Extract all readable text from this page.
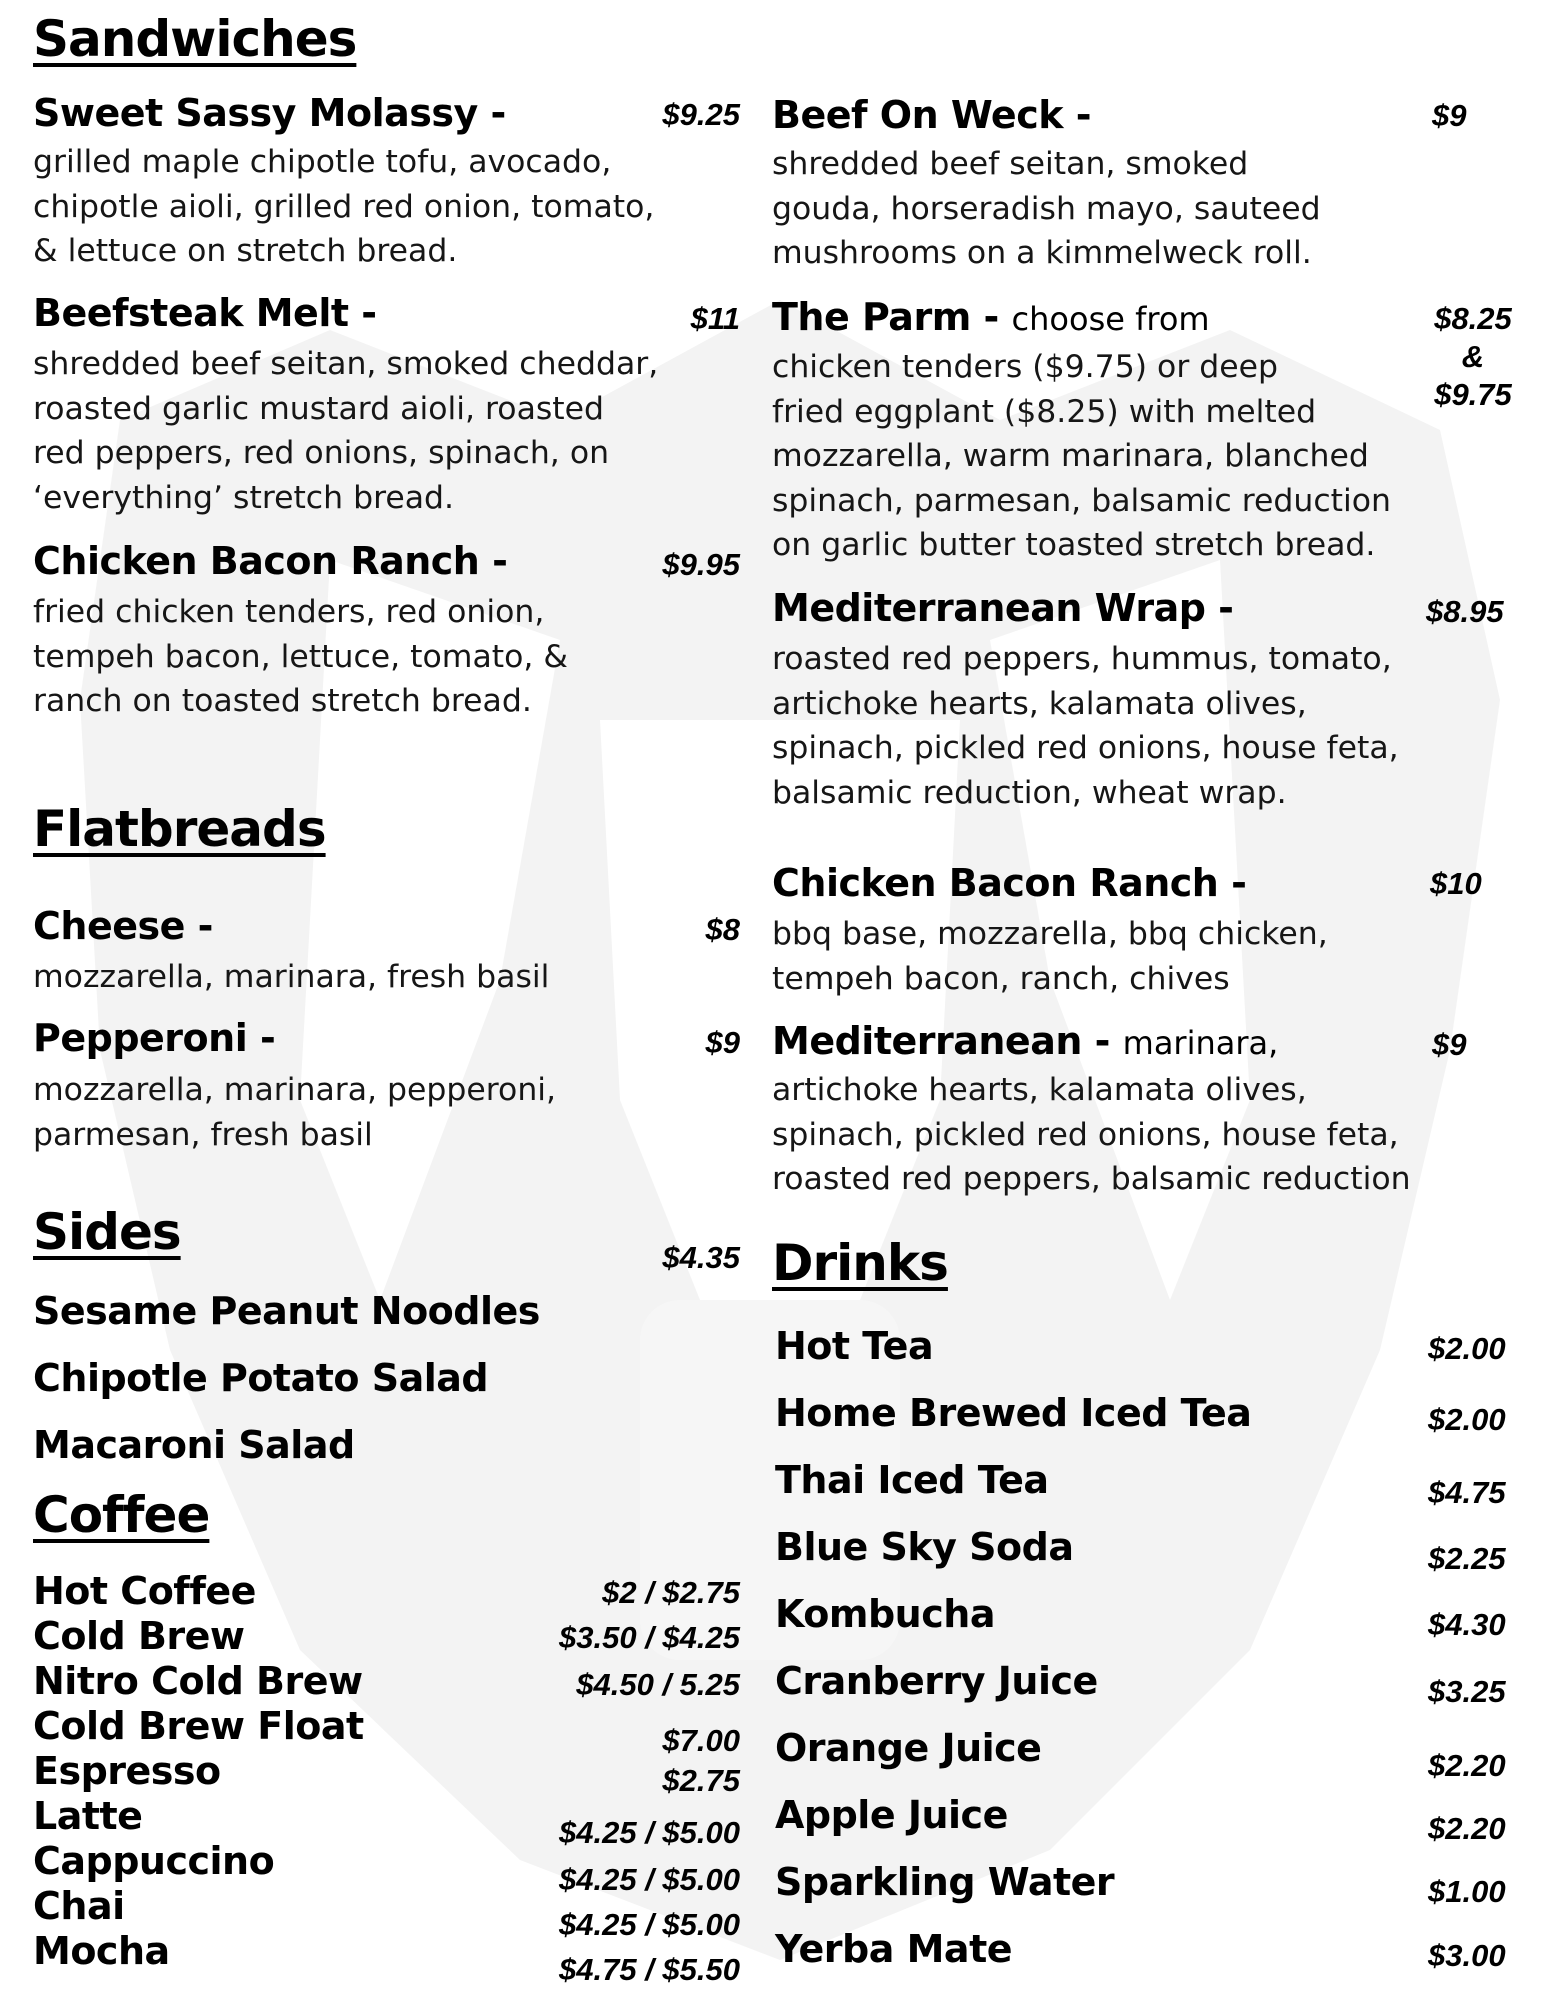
Sandwiches
Sweet Sassy Molassy -	$9.25
grilled maple chipotle tofu, avocado,
chipotle aioli, grilled red onion, tomato,
& lettuce on stretch bread.
Beefsteak Melt -	$11
shredded beef seitan, smoked cheddar,
roasted garlic mustard aioli, roasted
red peppers, red onions, spinach, on
‘everything’ stretch bread.
Chicken Bacon Ranch -	$9.95
fried chicken tenders, red onion,
tempeh bacon, lettuce, tomato, &
ranch on toasted stretch bread.
Flatbreads
Cheese -	$8
mozzarella, marinara, fresh basil
Pepperoni -	$9
mozzarella, marinara, pepperoni,
parmesan, fresh basil
Sides	$4.35
Sesame Peanut Noodles
Chipotle Potato Salad
Macaroni Salad
Coffee
Hot Coffee	$2 / $2.75
Cold Brew	$3.50 / $4.25
Nitro Cold Brew	$4.50 / 5.25
Cold Brew Float	$7.00
Espresso	$2.75
Latte	$4.25 / $5.00
Cappuccino	$4.25 / $5.00
Chai	$4.25 / $5.00
Mocha	$4.75 / $5.50
Beef On Weck -	$9
shredded beef seitan, smoked
gouda, horseradish mayo, sauteed
mushrooms on a kimmelweck roll.
The Parm - choose from	$8.25
&
$9.75
chicken tenders ($9.75) or deep
fried eggplant ($8.25) with melted
mozzarella, warm marinara, blanched
spinach, parmesan, balsamic reduction
on garlic butter toasted stretch bread.
Mediterranean Wrap -	$8.95
roasted red peppers, hummus, tomato,
artichoke hearts, kalamata olives,
spinach, pickled red onions, house feta,
balsamic reduction, wheat wrap.
Chicken Bacon Ranch -	$10
bbq base, mozzarella, bbq chicken,
tempeh bacon, ranch, chives
Mediterranean - marinara,	$9
artichoke hearts, kalamata olives,
spinach, pickled red onions, house feta,
roasted red peppers, balsamic reduction
Drinks
Hot Tea	$2.00
Home Brewed Iced Tea	$2.00
Thai Iced Tea	$4.75
Blue Sky Soda	$2.25
Kombucha	$4.30
Cranberry Juice	$3.25
Orange Juice	$2.20
Apple Juice	$2.20
Sparkling Water	$1.00
Yerba Mate	$3.00
